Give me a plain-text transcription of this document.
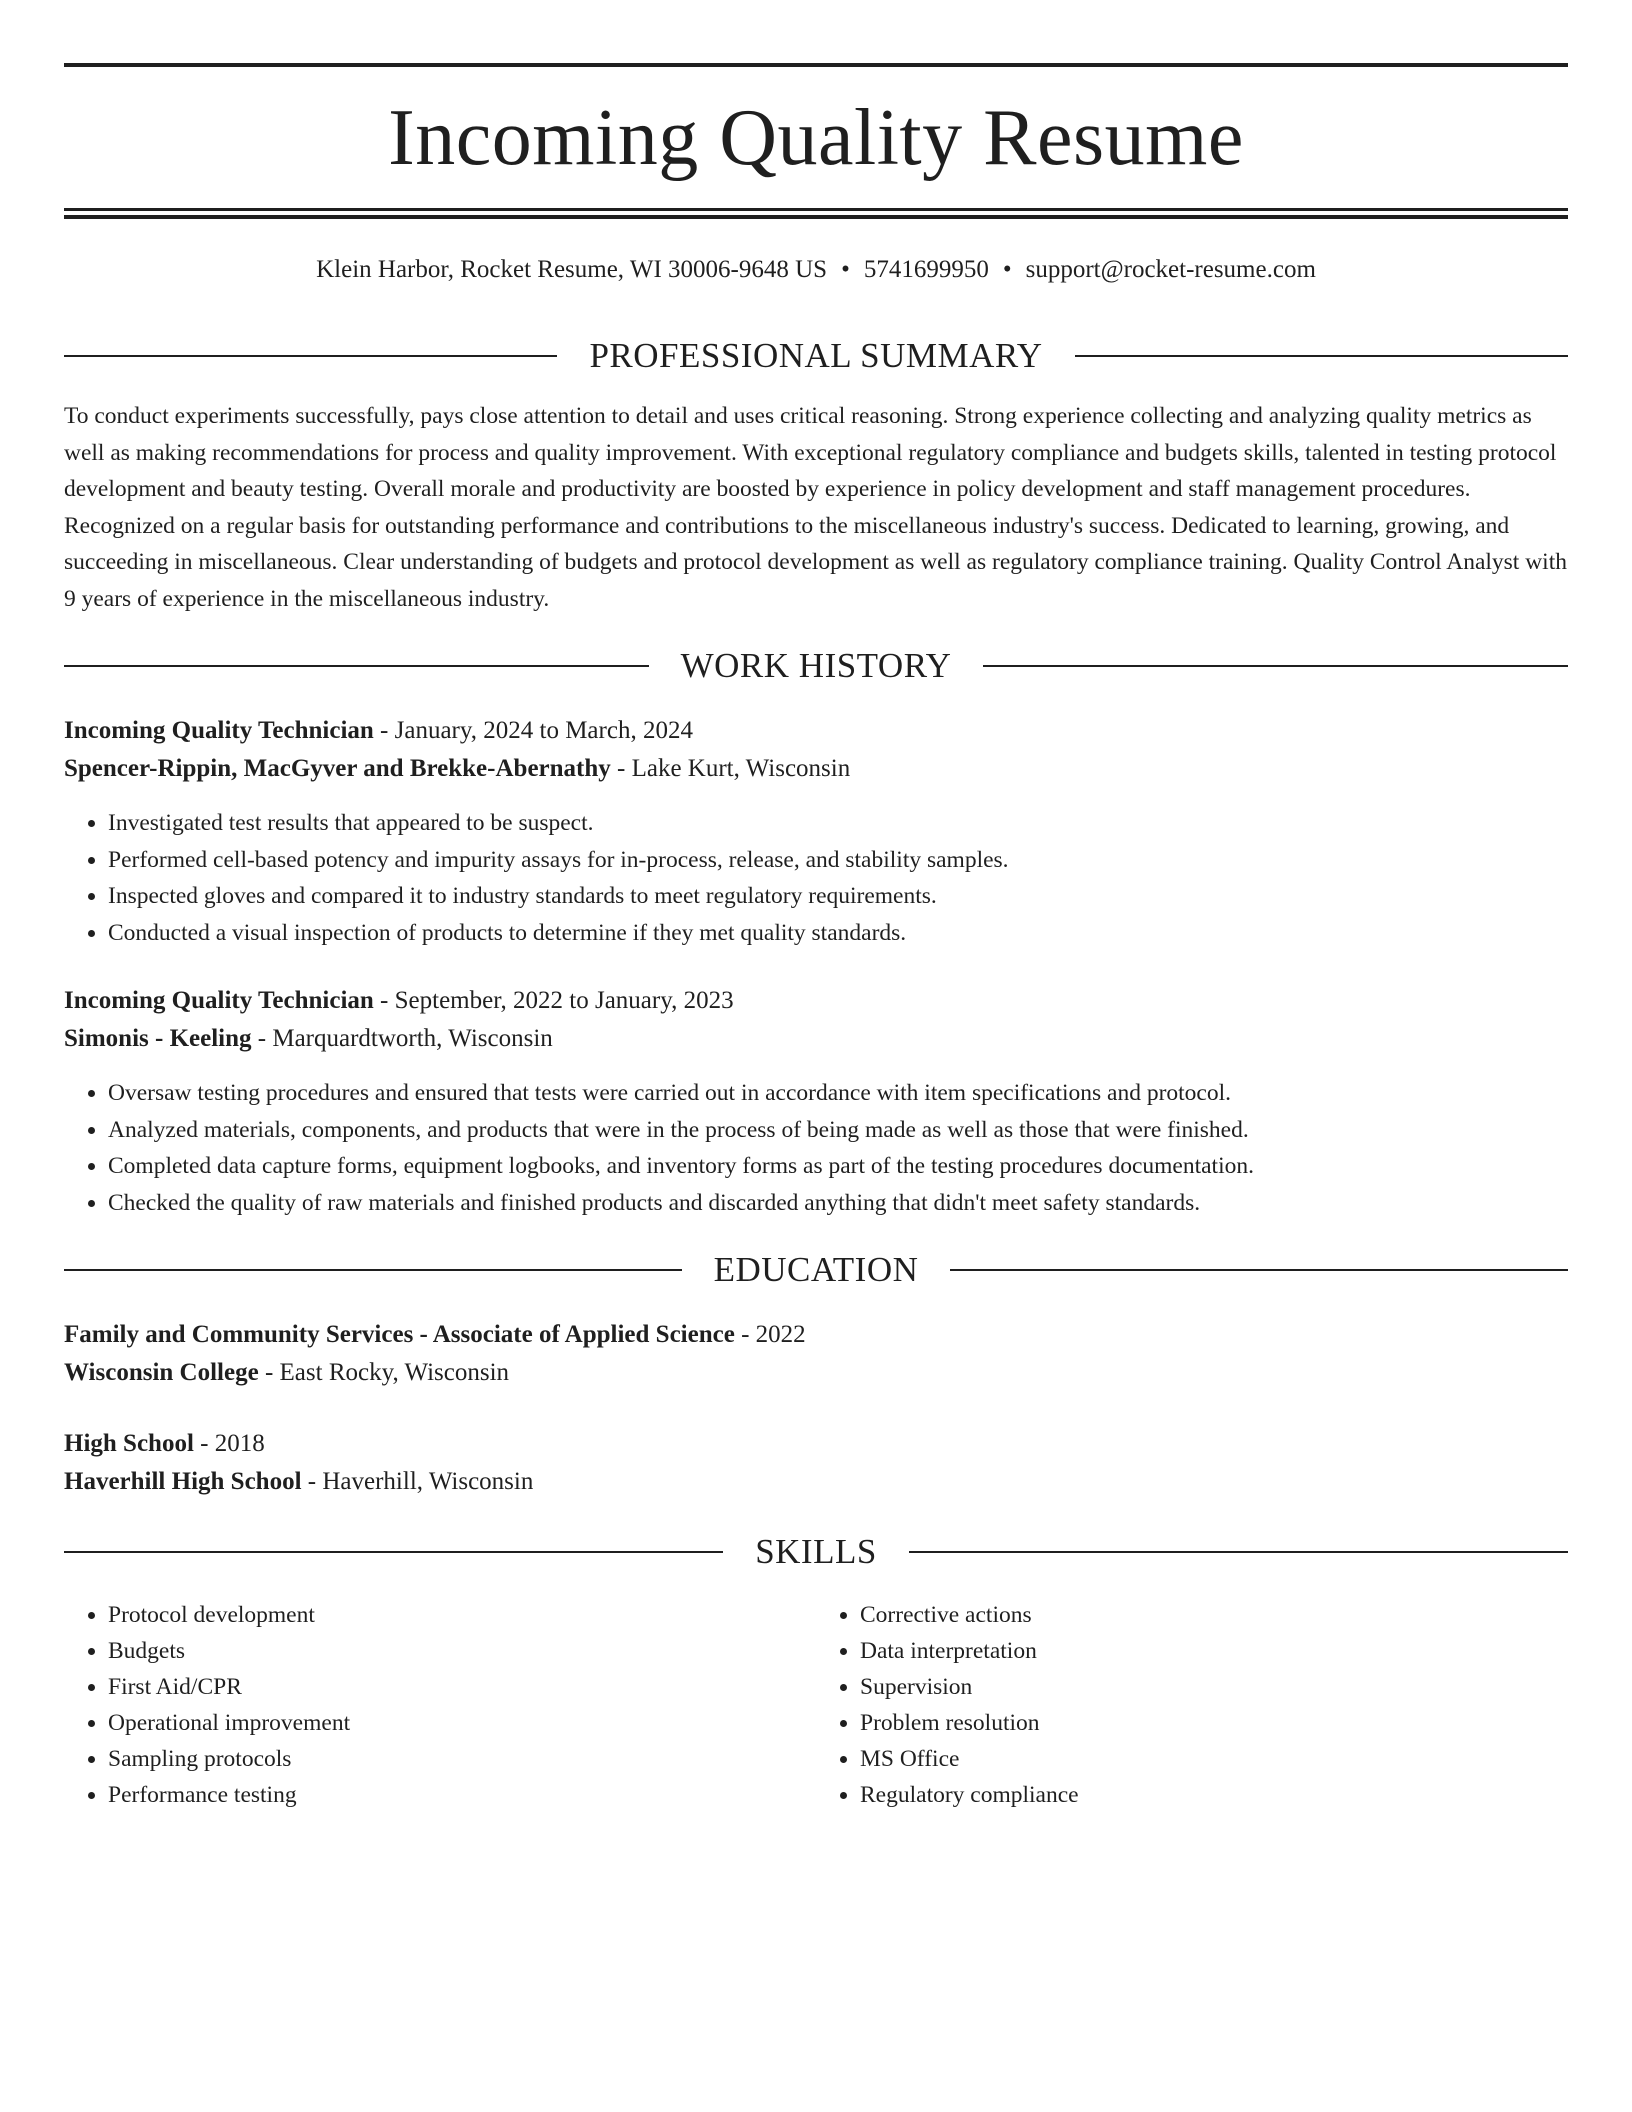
Incoming Quality Resume
Klein Harbor, Rocket Resume, WI 30006-9648 US • 5741699950 • support@rocket-resume.com
PROFESSIONAL SUMMARY

To conduct experiments successfully, pays close attention to detail and uses critical reasoning. Strong experience collecting and analyzing quality metrics as well as making recommendations for process and quality improvement. With exceptional regulatory compliance and budgets skills, talented in testing protocol development and beauty testing. Overall morale and productivity are boosted by experience in policy development and staff management procedures. Recognized on a regular basis for outstanding performance and contributions to the miscellaneous industry's success. Dedicated to learning, growing, and succeeding in miscellaneous. Clear understanding of budgets and protocol development as well as regulatory compliance training. Quality Control Analyst with 9 years of experience in the miscellaneous industry.

WORK HISTORY
Incoming Quality Technician - January, 2024 to March, 2024
Spencer-Rippin, MacGyver and Brekke-Abernathy - Lake Kurt, Wisconsin
• Investigated test results that appeared to be suspect.
• Performed cell-based potency and impurity assays for in-process, release, and stability samples.
• Inspected gloves and compared it to industry standards to meet regulatory requirements.
• Conducted a visual inspection of products to determine if they met quality standards.
Incoming Quality Technician - September, 2022 to January, 2023
Simonis - Keeling - Marquardtworth, Wisconsin
• Oversaw testing procedures and ensured that tests were carried out in accordance with item specifications and protocol.
• Analyzed materials, components, and products that were in the process of being made as well as those that were finished.
• Completed data capture forms, equipment logbooks, and inventory forms as part of the testing procedures documentation.
• Checked the quality of raw materials and finished products and discarded anything that didn't meet safety standards.
EDUCATION
Family and Community Services - Associate of Applied Science - 2022
Wisconsin College - East Rocky, Wisconsin
High School - 2018
Haverhill High School - Haverhill, Wisconsin
SKILLS
• Protocol development
• Budgets
• First Aid/CPR
• Operational improvement
• Sampling protocols
• Performance testing
• Corrective actions
• Data interpretation
• Supervision
• Problem resolution
• MS Office
• Regulatory compliance
